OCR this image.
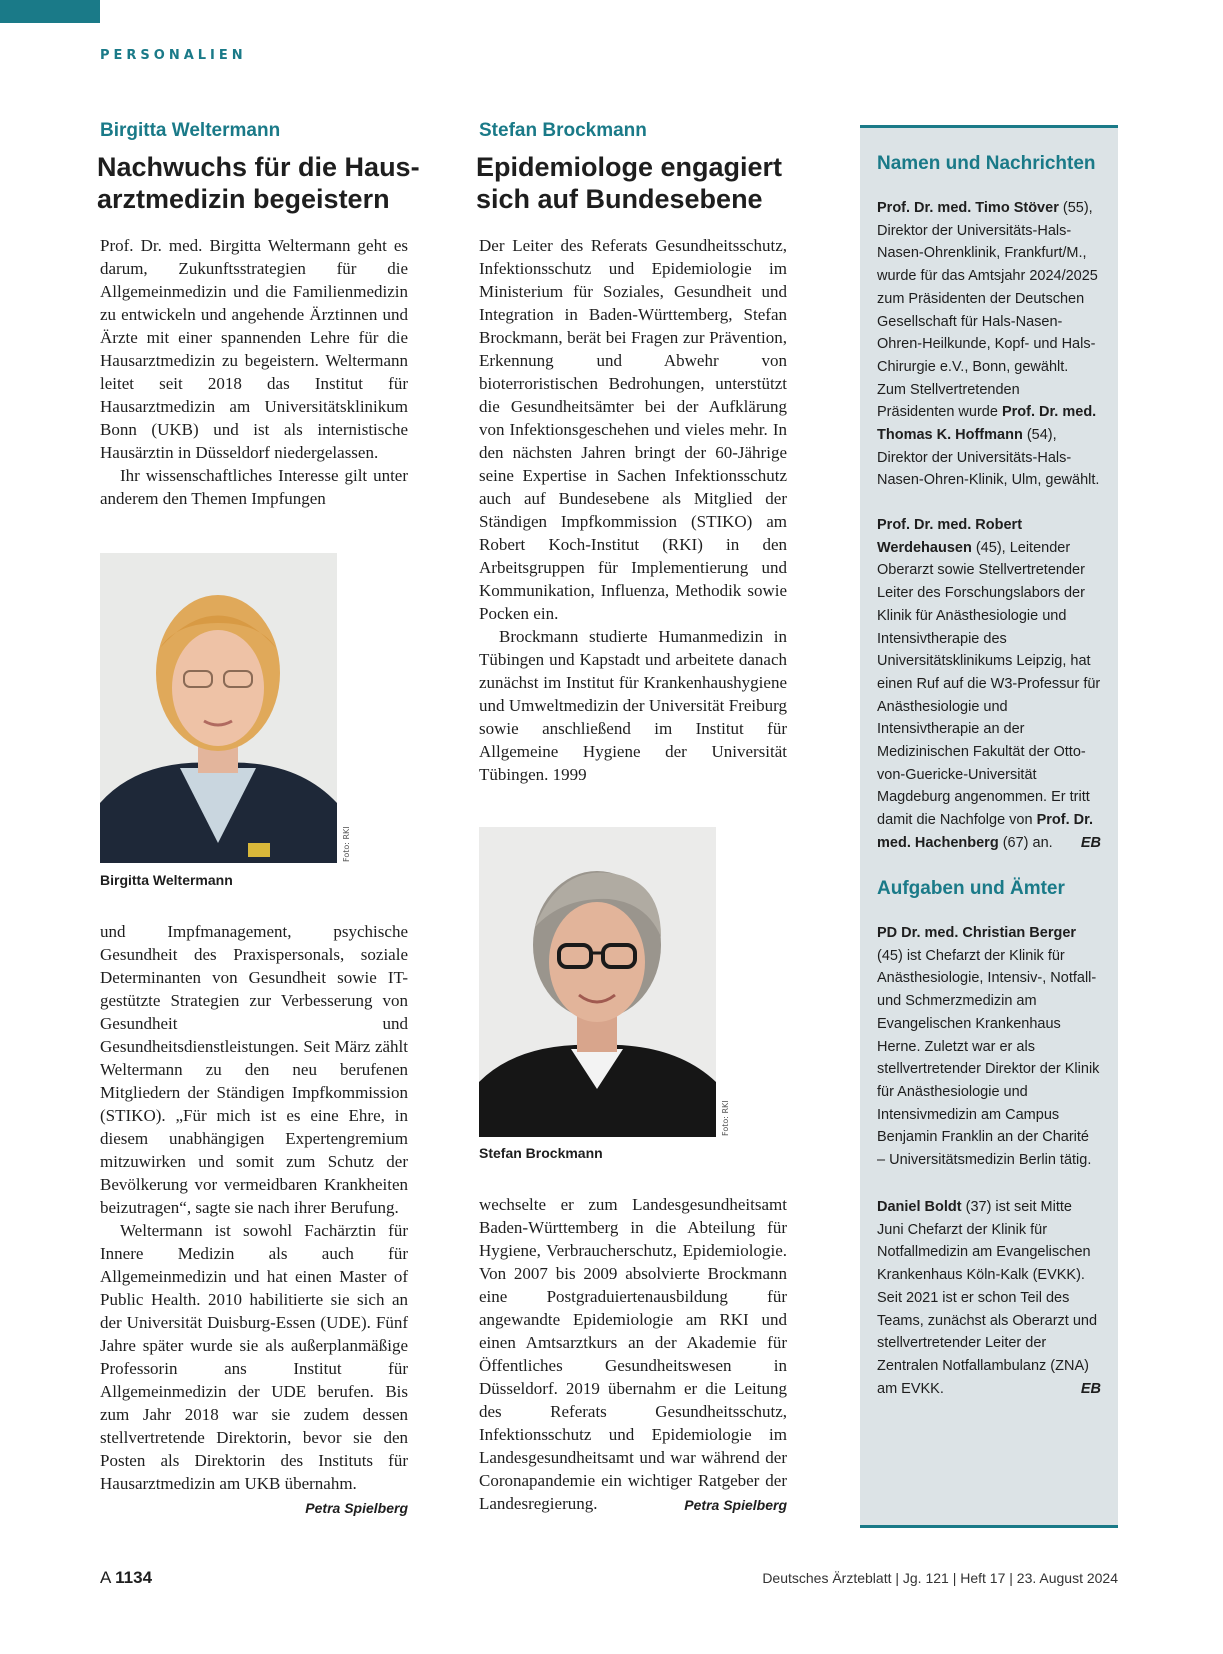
PERSONALIEN
Birgitta Weltermann
Nachwuchs für die Haus-
arztmedizin begeistern

Prof. Dr. med. Birgitta Weltermann geht es darum, Zukunftsstrategien für die Allgemeinmedizin und die Familienmedizin zu entwickeln und angehende Ärztinnen und Ärzte mit einer spannenden Lehre für die Hausarztmedizin zu begeistern. Weltermann leitet seit 2018 das Institut für Hausarztmedizin am Universitätsklinikum Bonn (UKB) und ist als internistische Hausärztin in Düsseldorf niedergelassen.
Ihr wissenschaftliches Interesse gilt unter anderem den Themen Impfungen

Foto: RKI
Birgitta Weltermann

und Impfmanagement, psychische Gesundheit des Praxispersonals, soziale Determinanten von Gesundheit sowie IT-gestützte Strategien zur Verbesserung von Gesundheit und Gesundheitsdienstleistungen. Seit März zählt Weltermann zu den neu berufenen Mitgliedern der Ständigen Impfkommission (STIKO). „Für mich ist es eine Ehre, in diesem unabhängigen Expertengremium mitzuwirken und somit zum Schutz der Bevölkerung vor vermeidbaren Krankheiten beizutragen“, sagte sie nach ihrer Berufung.
Weltermann ist sowohl Fachärztin für Innere Medizin als auch für Allgemeinmedizin und hat einen Master of Public Health. 2010 habilitierte sie sich an der Universität Duisburg-Essen (UDE). Fünf Jahre später wurde sie als außerplanmäßige Professorin ans Institut für Allgemeinmedizin der UDE berufen. Bis zum Jahr 2018 war sie zudem dessen stellvertretende Direktorin, bevor sie den Posten als Direktorin des Instituts für Hausarztmedizin am UKB übernahm.
Petra Spielberg

Stefan Brockmann
Epidemiologe engagiert
sich auf Bundesebene

Der Leiter des Referats Gesundheitsschutz, Infektionsschutz und Epidemiologie im Ministerium für Soziales, Gesundheit und Integration in Baden-Württemberg, Stefan Brockmann, berät bei Fragen zur Prävention, Erkennung und Abwehr von bioterroristischen Bedrohungen, unterstützt die Gesundheitsämter bei der Aufklärung von Infektionsgeschehen und vieles mehr. In den nächsten Jahren bringt der 60-Jährige seine Expertise in Sachen Infektionsschutz auch auf Bundesebene als Mitglied der Ständigen Impfkommission (STIKO) am Robert Koch-Institut (RKI) in den Arbeitsgruppen für Implementierung und Kommunikation, Influenza, Methodik sowie Pocken ein.
Brockmann studierte Humanmedizin in Tübingen und Kapstadt und arbeitete danach zunächst im Institut für Krankenhaushygiene und Umweltmedizin der Universität Freiburg sowie anschließend im Institut für Allgemeine Hygiene der Universität Tübingen. 1999

Foto: RKI
Stefan Brockmann

wechselte er zum Landesgesundheitsamt Baden-Württemberg in die Abteilung für Hygiene, Verbraucherschutz, Epidemiologie. Von 2007 bis 2009 absolvierte Brockmann eine Postgraduiertenausbildung für angewandte Epidemiologie am RKI und einen Amtsarztkurs an der Akademie für Öffentliches Gesundheitswesen in Düsseldorf. 2019 übernahm er die Leitung des Referats Gesundheitsschutz, Infektionsschutz und Epidemiologie im Landesgesundheitsamt und war während der Coronapandemie ein wichtiger Ratgeber der Landesregierung.	Petra Spielberg

Namen und Nachrichten

Prof. Dr. med. Timo Stöver (55), Direktor der Universitäts-Hals-Nasen-Ohrenklinik, Frankfurt/M., wurde für das Amtsjahr 2024/2025 zum Präsidenten der Deutschen Gesellschaft für Hals-Nasen-Ohren-Heilkunde, Kopf- und Hals-Chirurgie e.V., Bonn, gewählt. Zum Stellvertretenden Präsidenten wurde Prof. Dr. med. Thomas K. Hoffmann (54), Direktor der Universitäts-Hals-Nasen-Ohren-Klinik, Ulm, gewählt.

Prof. Dr. med. Robert Werdehausen (45), Leitender Oberarzt sowie Stellvertretender Leiter des Forschungslabors der Klinik für Anästhesiologie und Intensivtherapie des Universitätsklinikums Leipzig, hat einen Ruf auf die W3-Professur für Anästhesiologie und Intensivtherapie an der Medizinischen Fakultät der Otto-von-Guericke-Universität Magdeburg angenommen. Er tritt damit die Nachfolge von Prof. Dr. med. Hachenberg (67) an. EB

Aufgaben und Ämter

PD Dr. med. Christian Berger (45) ist Chefarzt der Klinik für Anästhesiologie, Intensiv-, Notfall- und Schmerzmedizin am Evangelischen Krankenhaus Herne. Zuletzt war er als stellvertretender Direktor der Klinik für Anästhesiologie und Intensivmedizin am Campus Benjamin Franklin an der Charité – Universitätsmedizin Berlin tätig.

Daniel Boldt (37) ist seit Mitte Juni Chefarzt der Klinik für Notfallmedizin am Evangelischen Krankenhaus Köln-Kalk (EVKK). Seit 2021 ist er schon Teil des Teams, zunächst als Oberarzt und stellvertretender Leiter der Zentralen Notfallambulanz (ZNA) am EVKK.	EB

A 1134	Deutsches Ärzteblatt | Jg. 121 | Heft 17 | 23. August 2024
